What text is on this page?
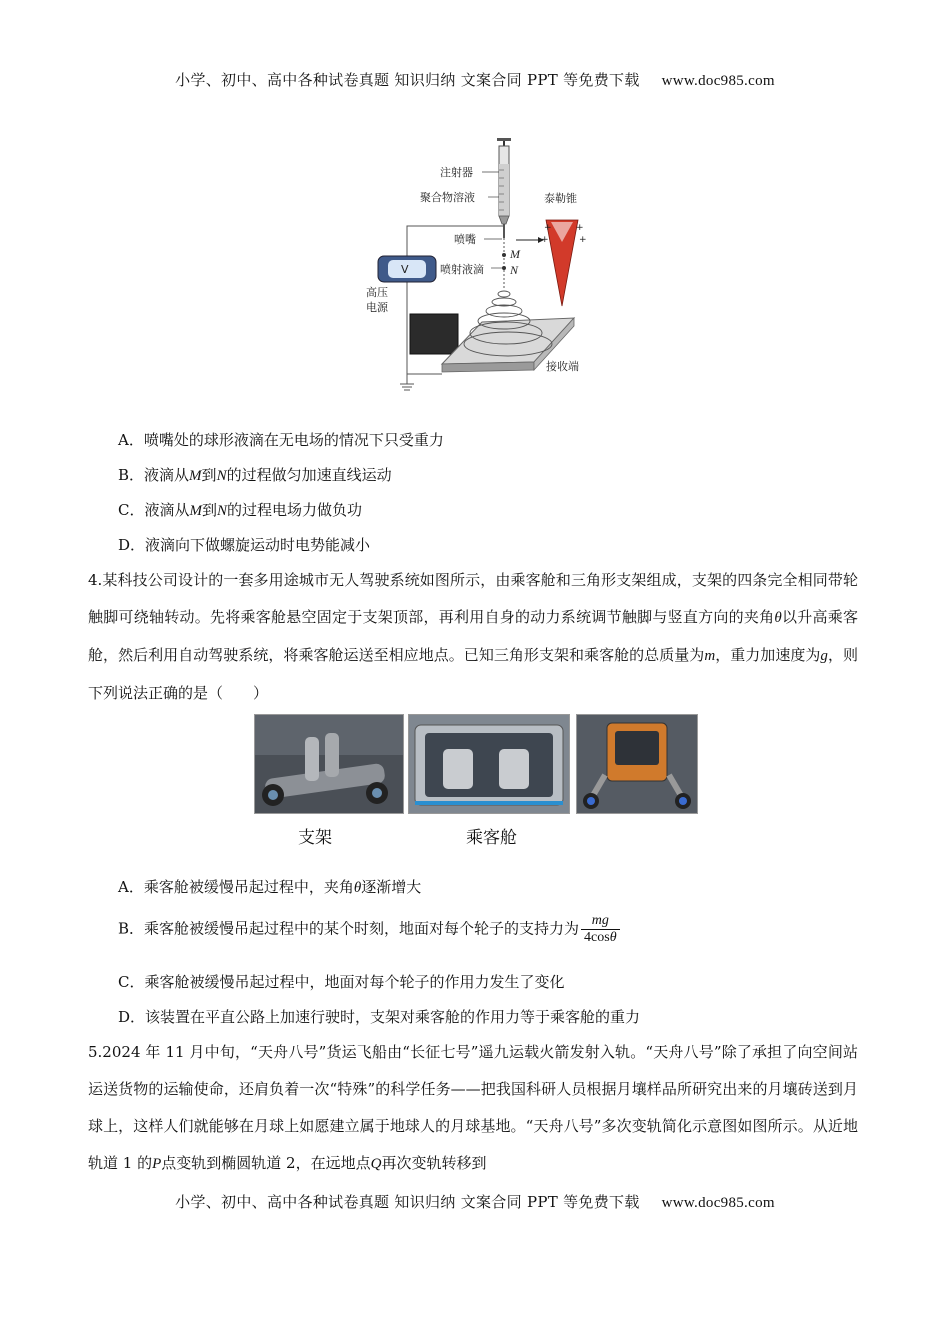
小学、初中、高中各种试卷真题 知识归纳 文案合同 PPT 等免费下载 www.doc985.com
注射器
聚合物溶液
喷嘴
喷射液滴
M
N
+
+
+
+
泰勒锥
V
高压
电源
接收端
A．喷嘴处的球形液滴在无电场的情况下只受重力
B．液滴从M到N的过程做匀加速直线运动
C．液滴从M到N的过程电场力做负功
D．液滴向下做螺旋运动时电势能减小
4.某科技公司设计的一套多用途城市无人驾驶系统如图所示，由乘客舱和三角形支架组成，支架的四条完全相同带轮触脚可绕轴转动。先将乘客舱悬空固定于支架顶部，再利用自身的动力系统调节触脚与竖直方向的夹角θ以升高乘客舱，然后利用自动驾驶系统，将乘客舱运送至相应地点。已知三角形支架和乘客舱的总质量为m，重力加速度为g，则下列说法正确的是（　　）
支架	乘客舱
A．乘客舱被缓慢吊起过程中，夹角θ逐渐增大
B．乘客舱被缓慢吊起过程中的某个时刻，地面对每个轮子的支持力为 $\frac{mg}{4\cos\theta}$
C．乘客舱被缓慢吊起过程中，地面对每个轮子的作用力发生了变化
D．该装置在平直公路上加速行驶时，支架对乘客舱的作用力等于乘客舱的重力
5.2024 年 11 月中旬，“天舟八号”货运飞船由“长征七号”遥九运载火箭发射入轨。“天舟八号”除了承担了向空间站运送货物的运输使命，还肩负着一次“特殊”的科学任务——把我国科研人员根据月壤样品所研究出来的月壤砖送到月球上，这样人们就能够在月球上如愿建立属于地球人的月球基地。“天舟八号”多次变轨简化示意图如图所示。从近地轨道 1 的P点变轨到椭圆轨道 2，在远地点Q再次变轨转移到
小学、初中、高中各种试卷真题 知识归纳 文案合同 PPT 等免费下载 www.doc985.com
